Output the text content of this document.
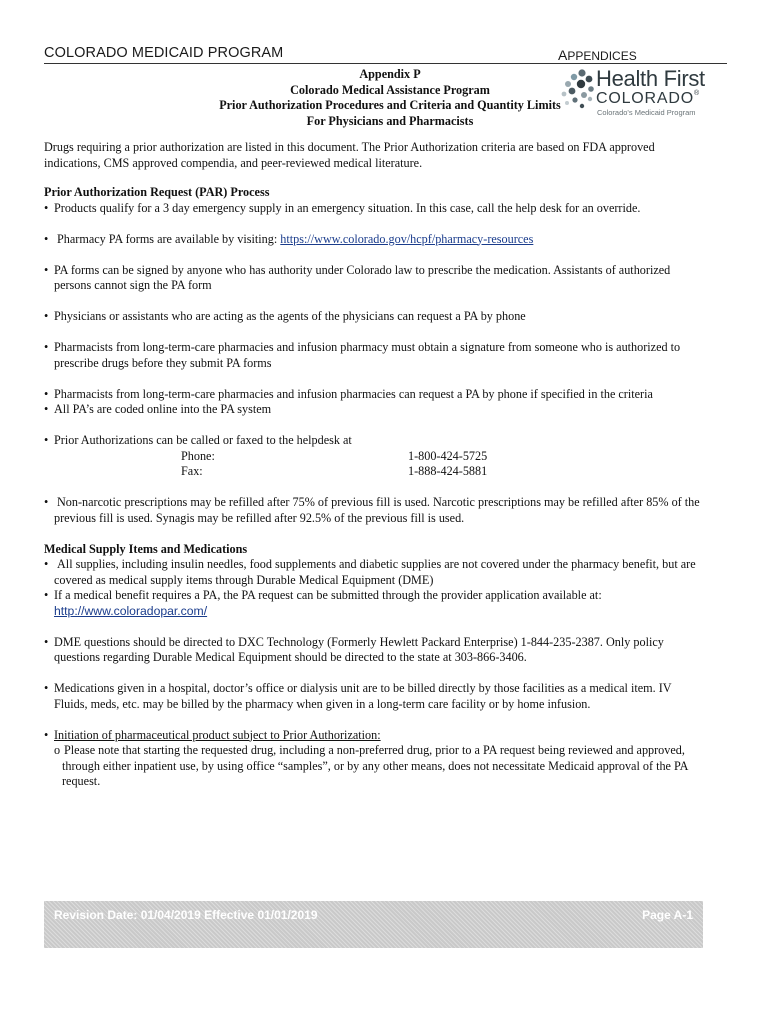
COLORADO MEDICAID PROGRAM	APPENDICES
Appendix P
Colorado Medical Assistance Program
Prior Authorization Procedures and Criteria and Quantity Limits
For Physicians and Pharmacists
Health First
COLORADO®
Colorado's Medicaid Program

Drugs requiring a prior authorization are listed in this document. The Prior Authorization criteria are based on FDA approved

indications, CMS approved compendia, and peer-reviewed medical literature.

Prior Authorization Request (PAR) Process

• Products qualify for a 3 day emergency supply in an emergency situation. In this case, call the help desk for an override.

• Pharmacy PA forms are available by visiting: https://www.colorado.gov/hcpf/pharmacy-resources

• PA forms can be signed by anyone who has authority under Colorado law to prescribe the medication. Assistants of authorized

persons cannot sign the PA form

• Physicians or assistants who are acting as the agents of the physicians can request a PA by phone

• Pharmacists from long-term-care pharmacies and infusion pharmacy must obtain a signature from someone who is authorized to

prescribe drugs before they submit PA forms

• Pharmacists from long-term-care pharmacies and infusion pharmacies can request a PA by phone if specified in the criteria

• All PA’s are coded online into the PA system

• Prior Authorizations can be called or faxed to the helpdesk at

Phone:	1-800-424-5725
Fax:	1-888-424-5881

• Non-narcotic prescriptions may be refilled after 75% of previous fill is used. Narcotic prescriptions may be refilled after 85% of the

previous fill is used. Synagis may be refilled after 92.5% of the previous fill is used.

Medical Supply Items and Medications

• All supplies, including insulin needles, food supplements and diabetic supplies are not covered under the pharmacy benefit, but are

covered as medical supply items through Durable Medical Equipment (DME)

• If a medical benefit requires a PA, the PA request can be submitted through the provider application available at:

http://www.coloradopar.com/

• DME questions should be directed to DXC Technology (Formerly Hewlett Packard Enterprise) 1-844-235-2387. Only policy

questions regarding Durable Medical Equipment should be directed to the state at 303-866-3406.

• Medications given in a hospital, doctor’s office or dialysis unit are to be billed directly by those facilities as a medical item. IV

Fluids, meds, etc. may be billed by the pharmacy when given in a long-term care facility or by home infusion.

• Initiation of pharmaceutical product subject to Prior Authorization:

o Please note that starting the requested drug, including a non-preferred drug, prior to a PA request being reviewed and approved,

through either inpatient use, by using office “samples”, or by any other means, does not necessitate Medicaid approval of the PA

request.

Revision Date: 01/04/2019 Effective 01/01/2019	Page A-1
